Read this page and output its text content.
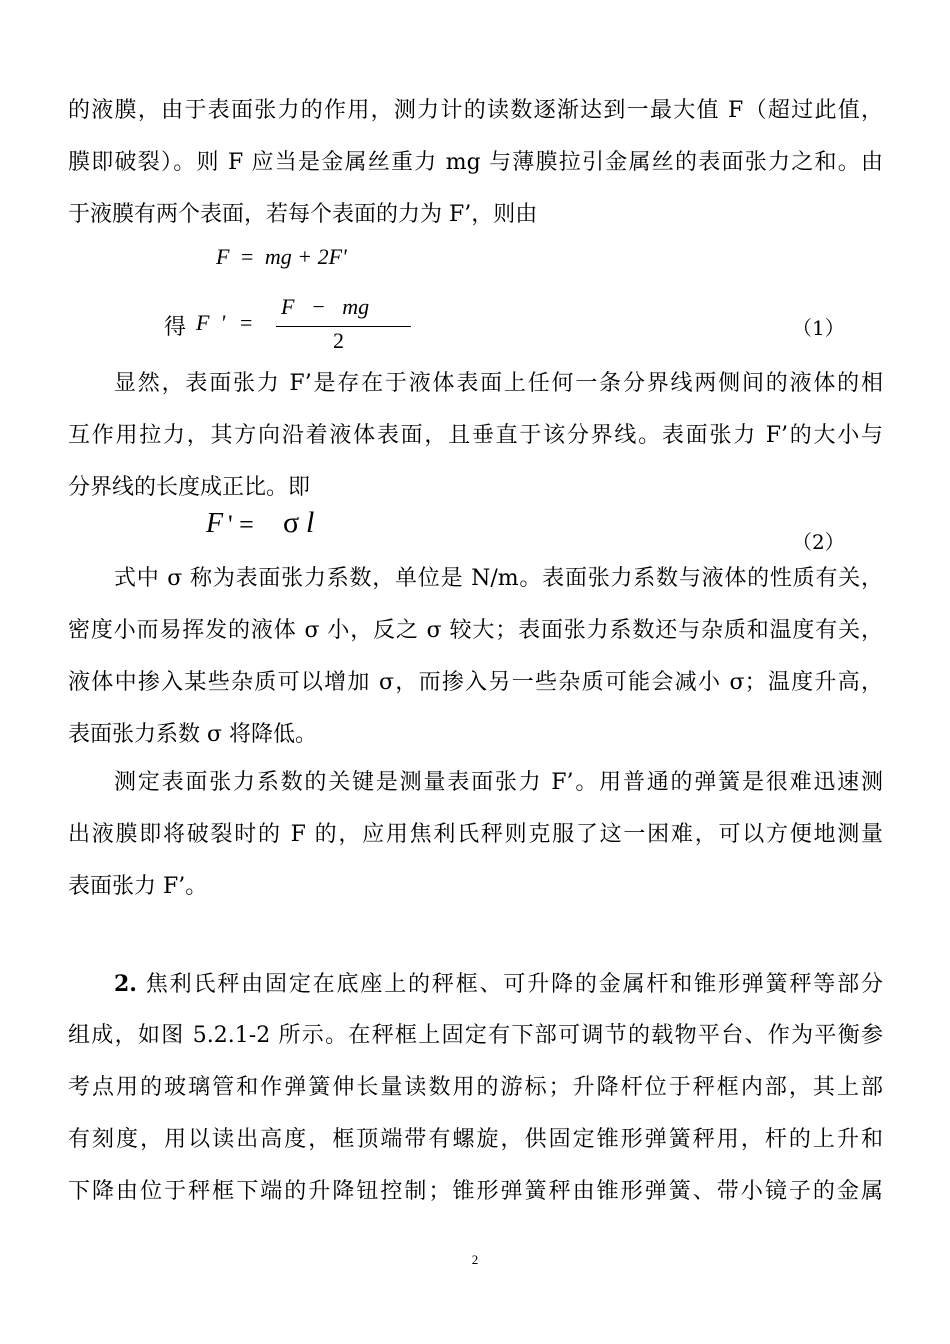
的液膜，由于表面张力的作用，测力计的读数逐渐达到一最大值 F（超过此值，
膜即破裂）。则 F 应当是金属丝重力 mg 与薄膜拉引金属丝的表面张力之和。由
于液膜有两个表面，若每个表面的力为 F’，则由
F = mg + 2F'
得 F  ' =
F   −   mg
2	（1）
显然，表面张力 F’是存在于液体表面上任何一条分界线两侧间的液体的相
互作用拉力，其方向沿着液体表面，且垂直于该分界线。表面张力 F’的大小与
分界线的长度成正比。即
F ' = σ l
（2）
式中 σ 称为表面张力系数，单位是 N/m。表面张力系数与液体的性质有关，
密度小而易挥发的液体 σ 小，反之 σ 较大；表面张力系数还与杂质和温度有关，
液体中掺入某些杂质可以增加 σ，而掺入另一些杂质可能会减小 σ；温度升高，
表面张力系数 σ 将降低。
测定表面张力系数的关键是测量表面张力 F’。用普通的弹簧是很难迅速测
出液膜即将破裂时的 F 的，应用焦利氏秤则克服了这一困难，可以方便地测量
表面张力 F’。
2. 焦利氏秤由固定在底座上的秤框、可升降的金属杆和锥形弹簧秤等部分
组成，如图 5.2.1-2 所示。在秤框上固定有下部可调节的载物平台、作为平衡参
考点用的玻璃管和作弹簧伸长量读数用的游标；升降杆位于秤框内部，其上部
有刻度，用以读出高度，框顶端带有螺旋，供固定锥形弹簧秤用，杆的上升和
下降由位于秤框下端的升降钮控制；锥形弹簧秤由锥形弹簧、带小镜子的金属
2
